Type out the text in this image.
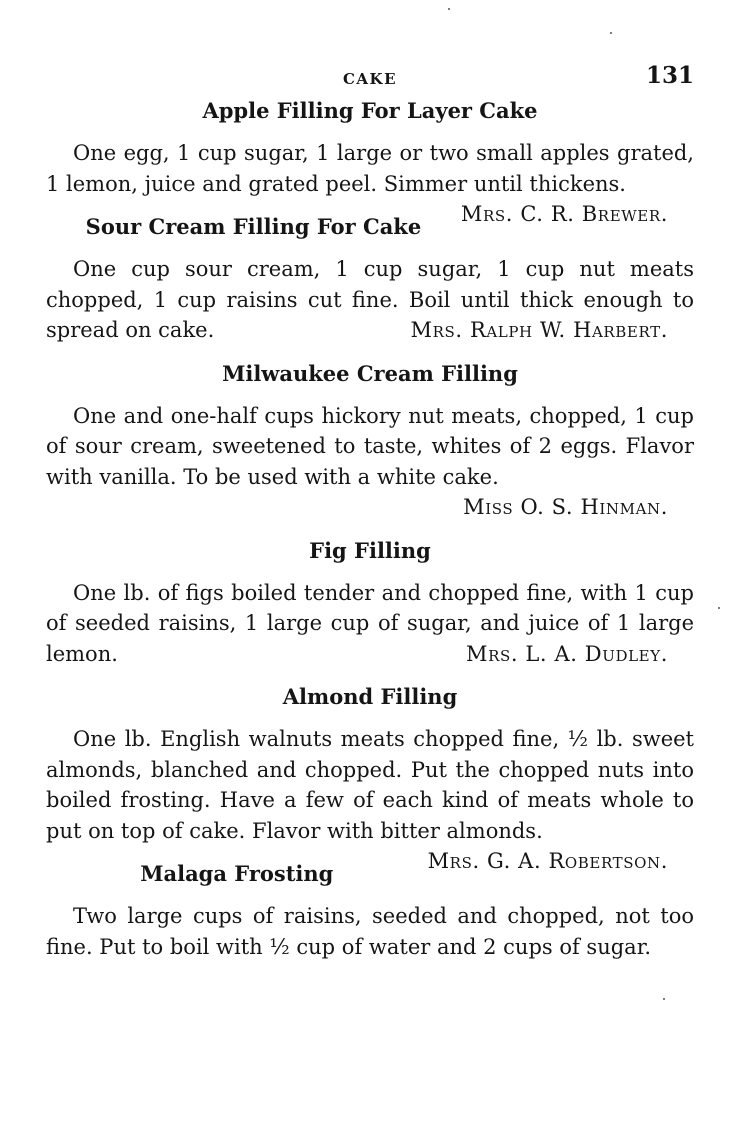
CAKE	131
Apple Filling For Layer Cake

One egg, 1 cup sugar, 1 large or two small apples grated, 1 lemon, juice and grated peel. Simmer until thickens.
Mrs. C. R. Brewer.

Sour Cream Filling For Cake

One cup sour cream, 1 cup sugar, 1 cup nut meats chopped, 1 cup raisins cut fine. Boil until thick enough to spread on cake.	Mrs. Ralph W. Harbert.

Milwaukee Cream Filling

One and one-half cups hickory nut meats, chopped, 1 cup of sour cream, sweetened to taste, whites of 2 eggs. Flavor with vanilla. To be used with a white cake.

Miss O. S. Hinman.
Fig Filling

One lb. of figs boiled tender and chopped fine, with 1 cup of seeded raisins, 1 large cup of sugar, and juice of 1 large lemon.	Mrs. L. A. Dudley.

Almond Filling

One lb. English walnuts meats chopped fine, ½ lb. sweet almonds, blanched and chopped. Put the chopped nuts into boiled frosting. Have a few of each kind of meats whole to put on top of cake. Flavor with bitter almonds.
Mrs. G. A. Robertson.

Malaga Frosting

Two large cups of raisins, seeded and chopped, not too fine. Put to boil with ½ cup of water and 2 cups of sugar.
